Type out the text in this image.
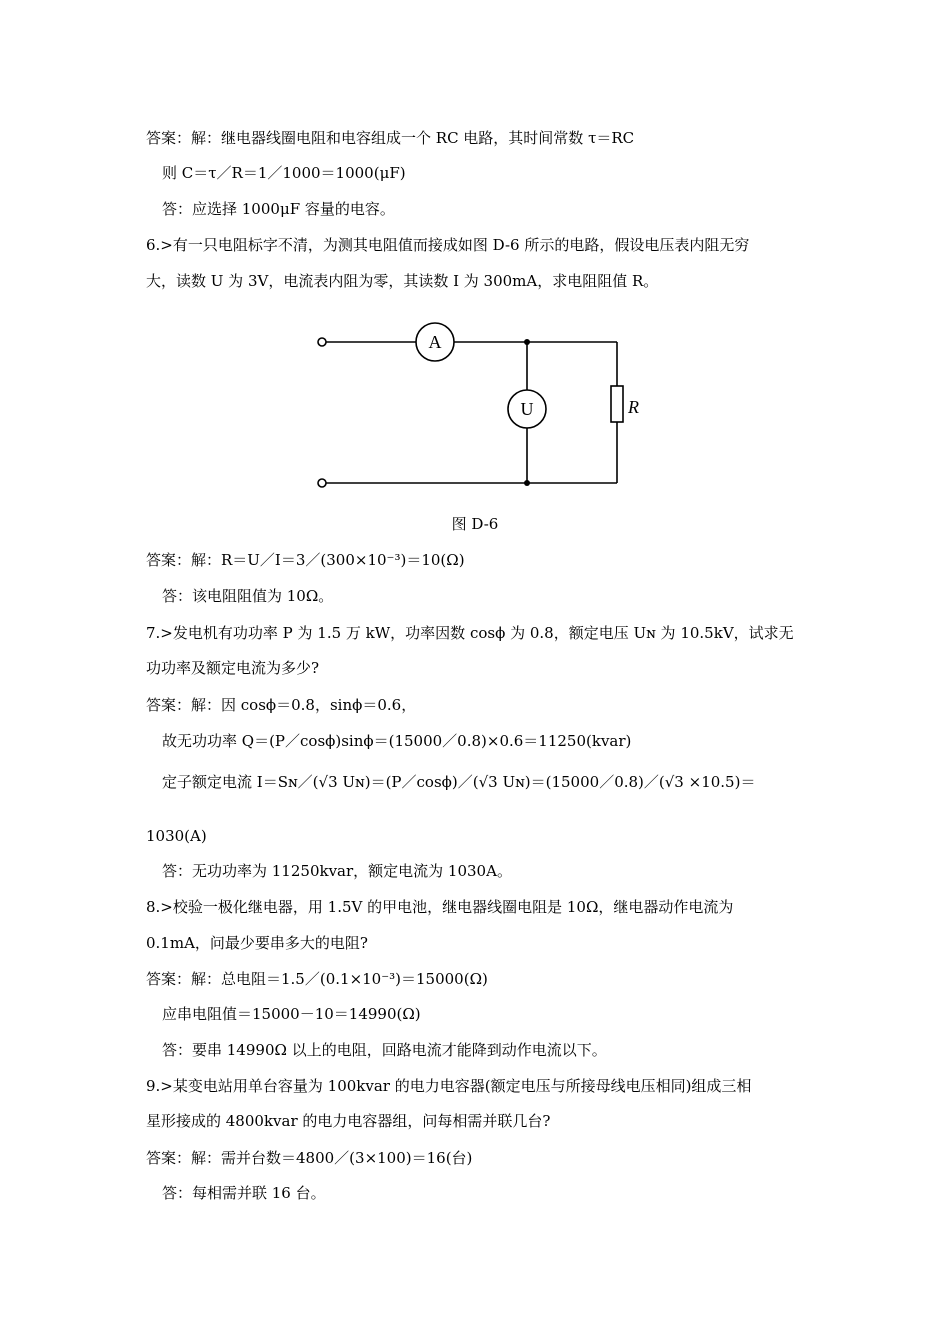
答案：解：继电器线圈电阻和电容组成一个 RC 电路，其时间常数 τ＝RC
则 C＝τ／R＝1／1000＝1000(μF)
答：应选择 1000μF 容量的电容。
6.>有一只电阻标字不清，为测其电阻值而接成如图 D-6 所示的电路，假设电压表内阻无穷
大，读数 U 为 3V，电流表内阻为零，其读数 I 为 300mA，求电阻阻值 R。
A
U	R
图 D-6
答案：解：R＝U／I＝3／(300×10⁻³)＝10(Ω)
答：该电阻阻值为 10Ω。
7.>发电机有功功率 P 为 1.5 万 kW，功率因数 cosϕ 为 0.8，额定电压 Uɴ 为 10.5kV，试求无
功功率及额定电流为多少?
答案：解：因 cosϕ＝0.8，sinϕ＝0.6，
故无功功率 Q＝(P／cosϕ)sinϕ＝(15000／0.8)×0.6＝11250(kvar)
定子额定电流 I＝Sɴ／(√3 Uɴ)＝(P／cosϕ)／(√3 Uɴ)＝(15000／0.8)／(√3 ×10.5)＝
1030(A)
答：无功功率为 11250kvar，额定电流为 1030A。
8.>校验一极化继电器，用 1.5V 的甲电池，继电器线圈电阻是 10Ω，继电器动作电流为
0.1mA，问最少要串多大的电阻?
答案：解：总电阻＝1.5／(0.1×10⁻³)＝15000(Ω)
应串电阻值＝15000－10＝14990(Ω)
答：要串 14990Ω 以上的电阻，回路电流才能降到动作电流以下。
9.>某变电站用单台容量为 100kvar 的电力电容器(额定电压与所接母线电压相同)组成三相
星形接成的 4800kvar 的电力电容器组，问每相需并联几台?
答案：解：需并台数＝4800／(3×100)＝16(台)
答：每相需并联 16 台。
